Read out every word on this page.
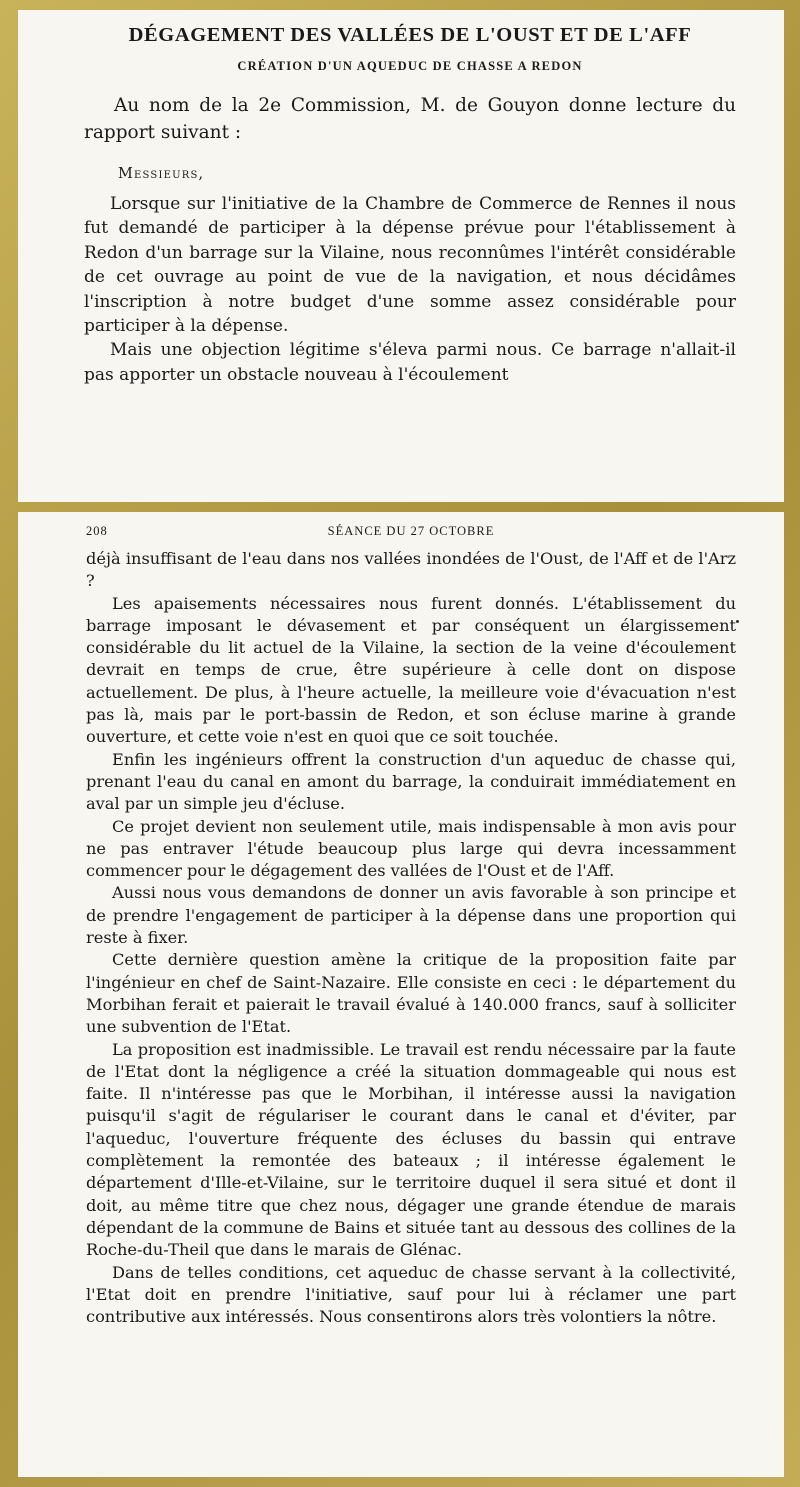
DÉGAGEMENT DES VALLÉES DE L'OUST ET DE L'AFF
CRÉATION D'UN AQUEDUC DE CHASSE A REDON

Au nom de la 2e Commission, M. de Gouyon donne lecture du rapport suivant :

Messieurs,

Lorsque sur l'initiative de la Chambre de Commerce de Rennes il nous fut demandé de participer à la dépense prévue pour l'établissement à Redon d'un barrage sur la Vilaine, nous reconnûmes l'intérêt considérable de cet ouvrage au point de vue de la navigation, et nous décidâmes l'inscription à notre budget d'une somme assez considérable pour participer à la dépense.

Mais une objection légitime s'éleva parmi nous. Ce barrage n'allait-il pas apporter un obstacle nouveau à l'écoulement

208	SÉANCE DU 27 OCTOBRE

déjà insuffisant de l'eau dans nos vallées inondées de l'Oust, de l'Aff et de l'Arz ?

Les apaisements nécessaires nous furent donnés. L'établissement du barrage imposant le dévasement et par conséquent un élargissement considérable du lit actuel de la Vilaine, la section de la veine d'écoulement devrait en temps de crue, être supérieure à celle dont on dispose actuellement. De plus, à l'heure actuelle, la meilleure voie d'évacuation n'est pas là, mais par le port-bassin de Redon, et son écluse marine à grande ouverture, et cette voie n'est en quoi que ce soit touchée.

Enfin les ingénieurs offrent la construction d'un aqueduc de chasse qui, prenant l'eau du canal en amont du barrage, la conduirait immédiatement en aval par un simple jeu d'écluse.

Ce projet devient non seulement utile, mais indispensable à mon avis pour ne pas entraver l'étude beaucoup plus large qui devra incessamment commencer pour le dégagement des vallées de l'Oust et de l'Aff.

Aussi nous vous demandons de donner un avis favorable à son principe et de prendre l'engagement de participer à la dépense dans une proportion qui reste à fixer.

Cette dernière question amène la critique de la proposition faite par l'ingénieur en chef de Saint-Nazaire. Elle consiste en ceci : le département du Morbihan ferait et paierait le travail évalué à 140.000 francs, sauf à solliciter une subvention de l'Etat.

La proposition est inadmissible. Le travail est rendu nécessaire par la faute de l'Etat dont la négligence a créé la situation dommageable qui nous est faite. Il n'intéresse pas que le Morbihan, il intéresse aussi la navigation puisqu'il s'agit de régulariser le courant dans le canal et d'éviter, par l'aqueduc, l'ouverture fréquente des écluses du bassin qui entrave complètement la remontée des bateaux ; il intéresse également le département d'Ille-et-Vilaine, sur le territoire duquel il sera situé et dont il doit, au même titre que chez nous, dégager une grande étendue de marais dépendant de la commune de Bains et située tant au dessous des collines de la Roche-du-Theil que dans le marais de Glénac.

Dans de telles conditions, cet aqueduc de chasse servant à la collectivité, l'Etat doit en prendre l'initiative, sauf pour lui à réclamer une part contributive aux intéressés. Nous consentirons alors très volontiers la nôtre.
